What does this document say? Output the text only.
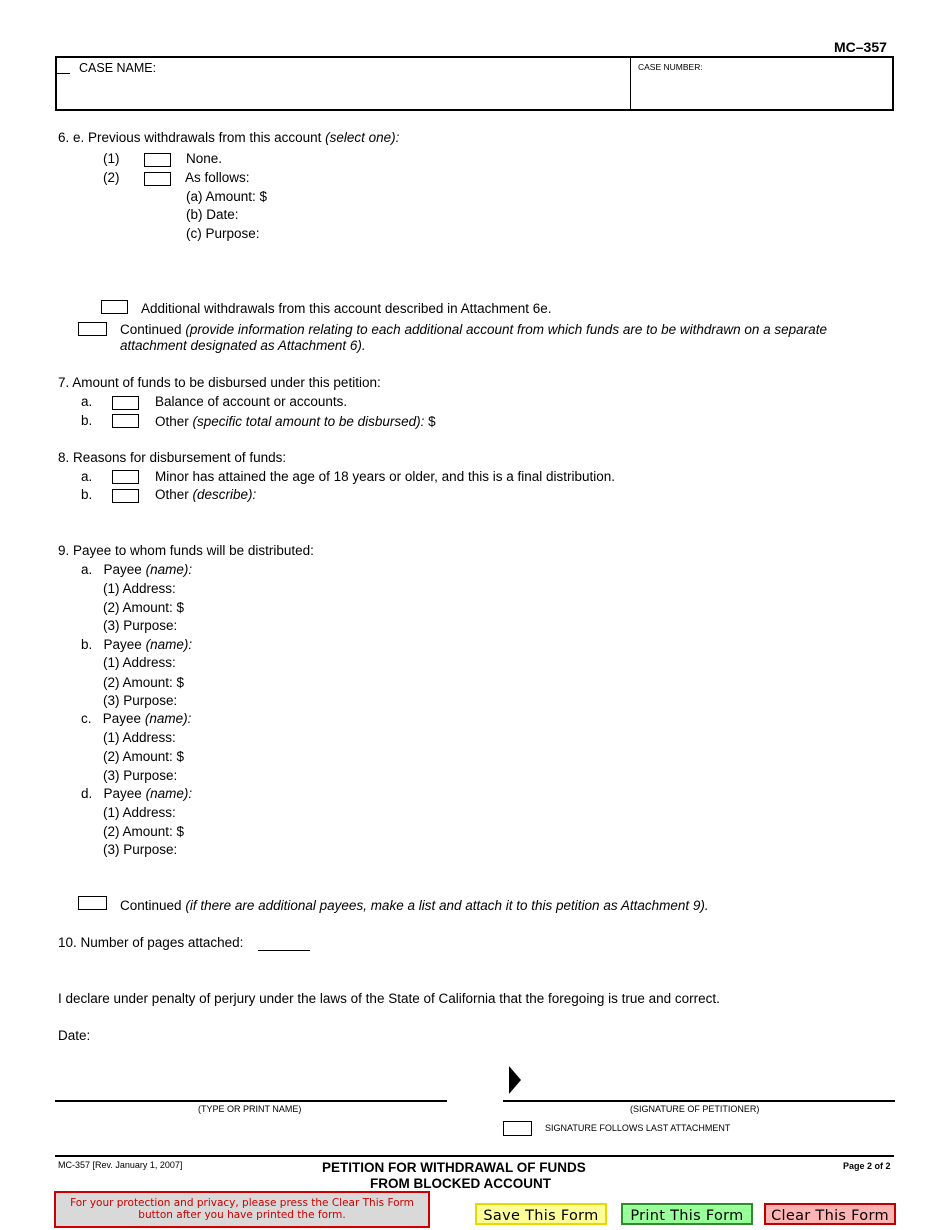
MC–357
CASE NAME:	CASE NUMBER:
6. e. Previous withdrawals from this account (select one):
(1)	None.
(2)	As follows:
(a) Amount: $
(b) Date:
(c) Purpose:
Additional withdrawals from this account described in Attachment 6e.
Continued (provide information relating to each additional account from which funds are to be withdrawn on a separate
attachment designated as Attachment 6).
7. Amount of funds to be disbursed under this petition:
a.	Balance of account or accounts.
b.	Other (specific total amount to be disbursed): $
8. Reasons for disbursement of funds:
a.	Minor has attained the age of 18 years or older, and this is a final distribution.
b.	Other (describe):
9. Payee to whom funds will be distributed:
a. Payee (name):
(1) Address:
(2) Amount: $
(3) Purpose:
b. Payee (name):
(1) Address:
(2) Amount: $
(3) Purpose:
c. Payee (name):
(1) Address:
(2) Amount: $
(3) Purpose:
d. Payee (name):
(1) Address:
(2) Amount: $
(3) Purpose:
Continued (if there are additional payees, make a list and attach it to this petition as Attachment 9).
10. Number of pages attached:
I declare under penalty of perjury under the laws of the State of California that the foregoing is true and correct.
Date:
(TYPE OR PRINT NAME)	(SIGNATURE OF PETITIONER)
SIGNATURE FOLLOWS LAST ATTACHMENT
MC-357 [Rev. January 1, 2007]	PETITION FOR WITHDRAWAL OF FUNDS
FROM BLOCKED ACCOUNT
Page 2 of 2
For your protection and privacy, please press the Clear This Form
button after you have printed the form.	Save This Form	Print This Form	Clear This Form
